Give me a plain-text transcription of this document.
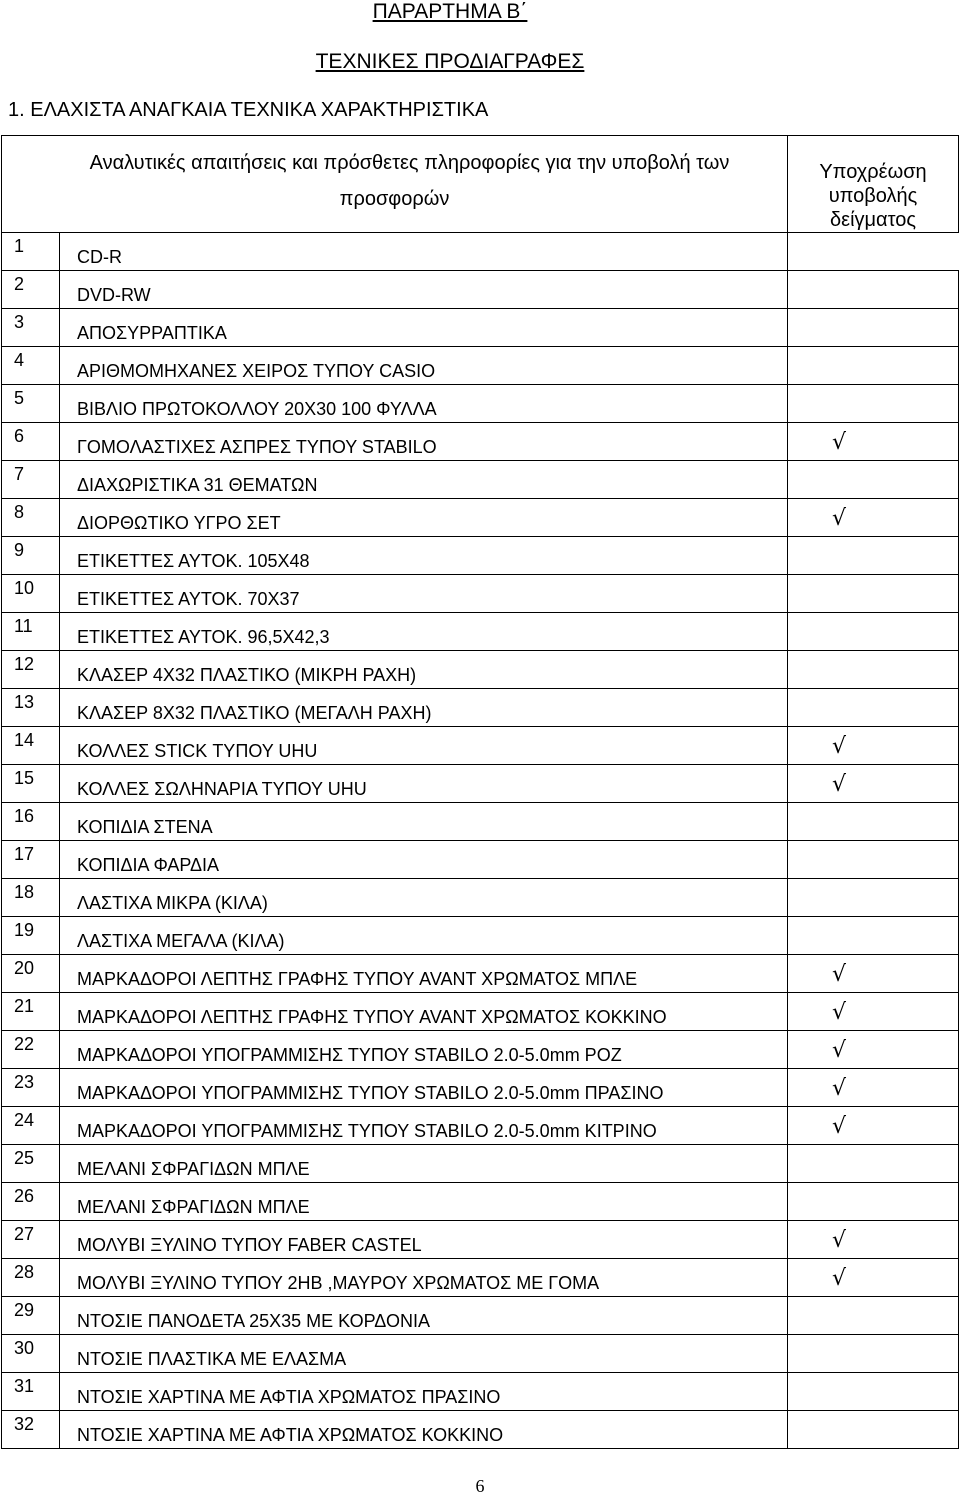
ΠΑΡΑΡΤΗΜΑ Β΄
ΤΕΧΝΙΚΕΣ ΠΡΟΔΙΑΓΡΑΦΕΣ
1. ΕΛΑΧΙΣΤΑ ΑΝΑΓΚΑΙΑ ΤΕΧΝΙΚΑ ΧΑΡΑΚΤΗΡΙΣΤΙΚΑ
Αναλυτικές απαιτήσεις και πρόσθετες πληροφορίες για την υποβολή των
προσφορών		Υποχρέωση υποβολής δείγματος

1	CD-R	
2	DVD-RW	
3	ΑΠΟΣΥΡΡΑΠΤΙΚΑ	
4	ΑΡΙΘΜΟΜΗΧΑΝΕΣ ΧΕΙΡΟΣ ΤΥΠΟΥ CASIO	
5	ΒΙΒΛΙΟ ΠΡΩΤΟΚΟΛΛΟΥ 20Χ30 100 ΦΥΛΛΑ	
6	ΓΟΜΟΛΑΣΤΙΧΕΣ ΑΣΠΡΕΣ ΤΥΠΟΥ STABILO	√
7	ΔΙΑΧΩΡΙΣΤΙΚΑ 31 ΘΕΜΑΤΩΝ	
8	ΔΙΟΡΘΩΤΙΚΟ ΥΓΡΟ ΣΕΤ	√
9	ΕΤΙΚΕΤΤΕΣ ΑΥΤΟΚ. 105Χ48	
10	ΕΤΙΚΕΤΤΕΣ ΑΥΤΟΚ. 70Χ37	
11	ΕΤΙΚΕΤΤΕΣ ΑΥΤΟΚ. 96,5Χ42,3	
12	ΚΛΑΣΕΡ 4Χ32 ΠΛΑΣΤΙΚΟ (ΜΙΚΡΗ ΡΑΧΗ)	
13	ΚΛΑΣΕΡ 8Χ32 ΠΛΑΣΤΙΚΟ (ΜΕΓΑΛΗ ΡΑΧΗ)	
14	ΚΟΛΛΕΣ STICK ΤΥΠΟΥ UHU	√
15	ΚΟΛΛΕΣ ΣΩΛΗΝΑΡΙΑ ΤΥΠΟΥ UHU	√
16	ΚΟΠΙΔΙΑ ΣΤΕΝΑ	
17	ΚΟΠΙΔΙΑ ΦΑΡΔΙΑ	
18	ΛΑΣΤΙΧΑ ΜΙΚΡΑ (ΚΙΛΑ)	
19	ΛΑΣΤΙΧΑ ΜΕΓΑΛΑ (ΚΙΛΑ)	
20	ΜΑΡΚΑΔΟΡΟΙ ΛΕΠΤΗΣ ΓΡΑΦΗΣ ΤΥΠΟΥ AVANT ΧΡΩΜΑΤΟΣ ΜΠΛΕ	√
21	ΜΑΡΚΑΔΟΡΟΙ ΛΕΠΤΗΣ ΓΡΑΦΗΣ ΤΥΠΟΥ AVANT ΧΡΩΜΑΤΟΣ ΚΟΚΚΙΝΟ	√
22	ΜΑΡΚΑΔΟΡΟΙ ΥΠΟΓΡΑΜΜΙΣΗΣ ΤΥΠΟΥ STABILO 2.0-5.0mm ΡΟΖ	√
23	ΜΑΡΚΑΔΟΡΟΙ ΥΠΟΓΡΑΜΜΙΣΗΣ ΤΥΠΟΥ STABILO 2.0-5.0mm ΠΡΑΣΙΝΟ	√
24	ΜΑΡΚΑΔΟΡΟΙ ΥΠΟΓΡΑΜΜΙΣΗΣ ΤΥΠΟΥ STABILO 2.0-5.0mm ΚΙΤΡΙΝΟ	√
25	ΜΕΛΑΝΙ ΣΦΡΑΓΙΔΩΝ ΜΠΛΕ	
26	ΜΕΛΑΝΙ ΣΦΡΑΓΙΔΩΝ ΜΠΛΕ	
27	ΜΟΛΥΒΙ ΞΥΛΙΝΟ ΤΥΠΟΥ FABER CASTEL	√
28	ΜΟΛΥΒΙ ΞΥΛΙΝΟ ΤΥΠΟΥ 2HB ,ΜΑΥΡΟΥ ΧΡΩΜΑΤΟΣ ΜΕ ΓΟΜΑ	√
29	ΝΤΟΣΙΕ ΠΑΝΟΔΕΤΑ 25Χ35 ΜΕ ΚΟΡΔΟΝΙΑ	
30	ΝΤΟΣΙΕ ΠΛΑΣΤΙΚΑ ΜΕ ΕΛΑΣΜΑ	
31	ΝΤΟΣΙΕ ΧΑΡΤΙΝΑ ΜΕ ΑΦΤΙΑ ΧΡΩΜΑΤΟΣ ΠΡΑΣΙΝΟ	
32	ΝΤΟΣΙΕ ΧΑΡΤΙΝΑ ΜΕ ΑΦΤΙΑ ΧΡΩΜΑΤΟΣ ΚΟΚΚΙΝΟ	
6
